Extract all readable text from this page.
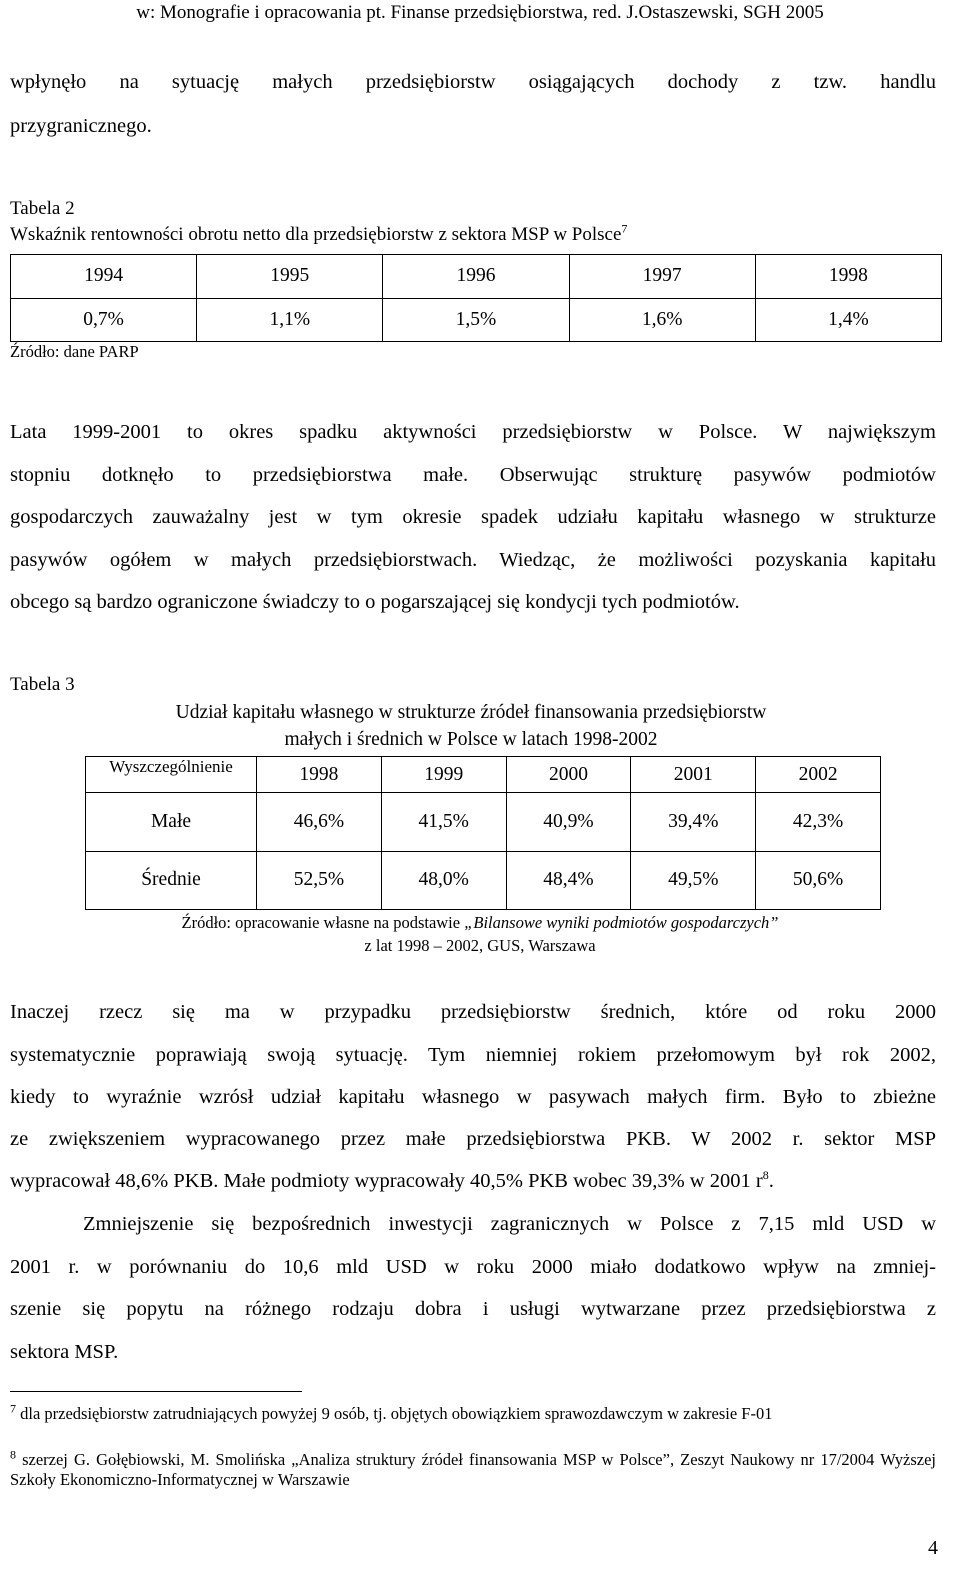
w: Monografie i opracowania pt. Finanse przedsiębiorstwa, red. J.Ostaszewski, SGH 2005
wpłynęło na sytuację małych przedsiębiorstw osiągających dochody z tzw. handlu
przygranicznego.
Tabela 2
Wskaźnik rentowności obrotu netto dla przedsiębiorstw z sektora MSP w Polsce$^7$
1994	1995	1996	1997	1998
0,7%	1,1%	1,5%	1,6%	1,4%
Źródło: dane PARP
Lata 1999-2001 to okres spadku aktywności przedsiębiorstw w Polsce. W największym
stopniu dotknęło to przedsiębiorstwa małe. Obserwując strukturę pasywów podmiotów
gospodarczych zauważalny jest w tym okresie spadek udziału kapitału własnego w strukturze
pasywów ogółem w małych przedsiębiorstwach. Wiedząc, że możliwości pozyskania kapitału
obcego są bardzo ograniczone świadczy to o pogarszającej się kondycji tych podmiotów.
Tabela 3
Udział kapitału własnego w strukturze źródeł finansowania przedsiębiorstw
małych i średnich w Polsce w latach 1998-2002
Wyszczególnienie	1998	1999	2000	2001	2002
Małe	46,6%	41,5%	40,9%	39,4%	42,3%
Średnie	52,5%	48,0%	48,4%	49,5%	50,6%
Źródło: opracowanie własne na podstawie „Bilansowe wyniki podmiotów gospodarczych”
z lat 1998 – 2002, GUS, Warszawa
Inaczej rzecz się ma w przypadku przedsiębiorstw średnich, które od roku 2000
systematycznie poprawiają swoją sytuację. Tym niemniej rokiem przełomowym był rok 2002,
kiedy to wyraźnie wzrósł udział kapitału własnego w pasywach małych firm. Było to zbieżne
ze zwiększeniem wypracowanego przez małe przedsiębiorstwa PKB. W 2002 r. sektor MSP
wypracował 48,6% PKB. Małe podmioty wypracowały 40,5% PKB wobec 39,3% w 2001 $r^8$.
Zmniejszenie się bezpośrednich inwestycji zagranicznych w Polsce z 7,15 mld USD w
2001 r. w porównaniu do 10,6 mld USD w roku 2000 miało dodatkowo wpływ na zmniej-
szenie się popytu na różnego rodzaju dobra i usługi wytwarzane przez przedsiębiorstwa z
sektora MSP.
$^7$ dla przedsiębiorstw zatrudniających powyżej 9 osób, tj. objętych obowiązkiem sprawozdawczym w zakresie F-01
$^8$ szerzej G. Gołębiowski, M. Smolińska „Analiza struktury źródeł finansowania MSP w Polsce”, Zeszyt Naukowy nr 17/2004 Wyższej Szkoły Ekonomiczno-Informatycznej w Warszawie
4
